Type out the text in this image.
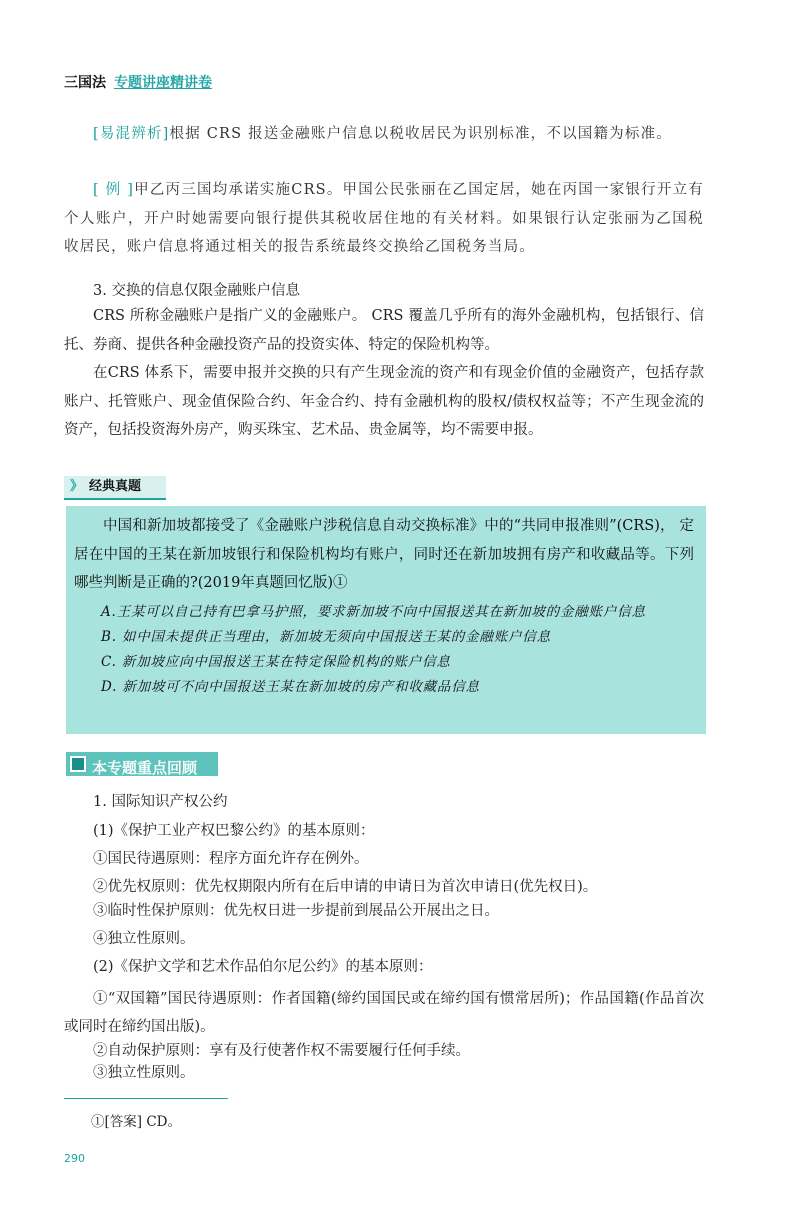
三国法 专题讲座精讲卷

[易混辨析]根据 CRS 报送金融账户信息以税收居民为识别标准，不以国籍为标准。

[ 例 ]甲乙丙三国均承诺实施CRS。甲国公民张丽在乙国定居，她在丙国一家银行开立有个人账户，开户时她需要向银行提供其税收居住地的有关材料。如果银行认定张丽为乙国税收居民，账户信息将通过相关的报告系统最终交换给乙国税务当局。

3. 交换的信息仅限金融账户信息

CRS 所称金融账户是指广义的金融账户。 CRS 覆盖几乎所有的海外金融机构，包括银行、信托、券商、提供各种金融投资产品的投资实体、特定的保险机构等。

在CRS 体系下，需要申报并交换的只有产生现金流的资产和有现金价值的金融资产，包括存款账户、托管账户、现金值保险合约、年金合约、持有金融机构的股权/债权权益等；不产生现金流的资产，包括投资海外房产，购买珠宝、艺术品、贵金属等，均不需要申报。

》 经典真题

中国和新加坡都接受了《金融账户涉税信息自动交换标准》中的“共同申报准则”(CRS)， 定居在中国的王某在新加坡银行和保险机构均有账户，同时还在新加坡拥有房产和收藏品等。下列哪些判断是正确的?(2019年真题回忆版)①

A.王某可以自己持有巴拿马护照，要求新加坡不向中国报送其在新加坡的金融账户信息

B. 如中国未提供正当理由，新加坡无须向中国报送王某的金融账户信息

C. 新加坡应向中国报送王某在特定保险机构的账户信息

D. 新加坡可不向中国报送王某在新加坡的房产和收藏品信息

本专题重点回顾

1. 国际知识产权公约

(1)《保护工业产权巴黎公约》的基本原则：

①国民待遇原则：程序方面允许存在例外。

②优先权原则：优先权期限内所有在后申请的申请日为首次申请日(优先权日)。

③临时性保护原则：优先权日进一步提前到展品公开展出之日。

④独立性原则。

(2)《保护文学和艺术作品伯尔尼公约》的基本原则：

①“双国籍”国民待遇原则：作者国籍(缔约国国民或在缔约国有惯常居所)；作品国籍(作品首次或同时在缔约国出版)。

②自动保护原则：享有及行使著作权不需要履行任何手续。

③独立性原则。

①[答案] CD。

290
